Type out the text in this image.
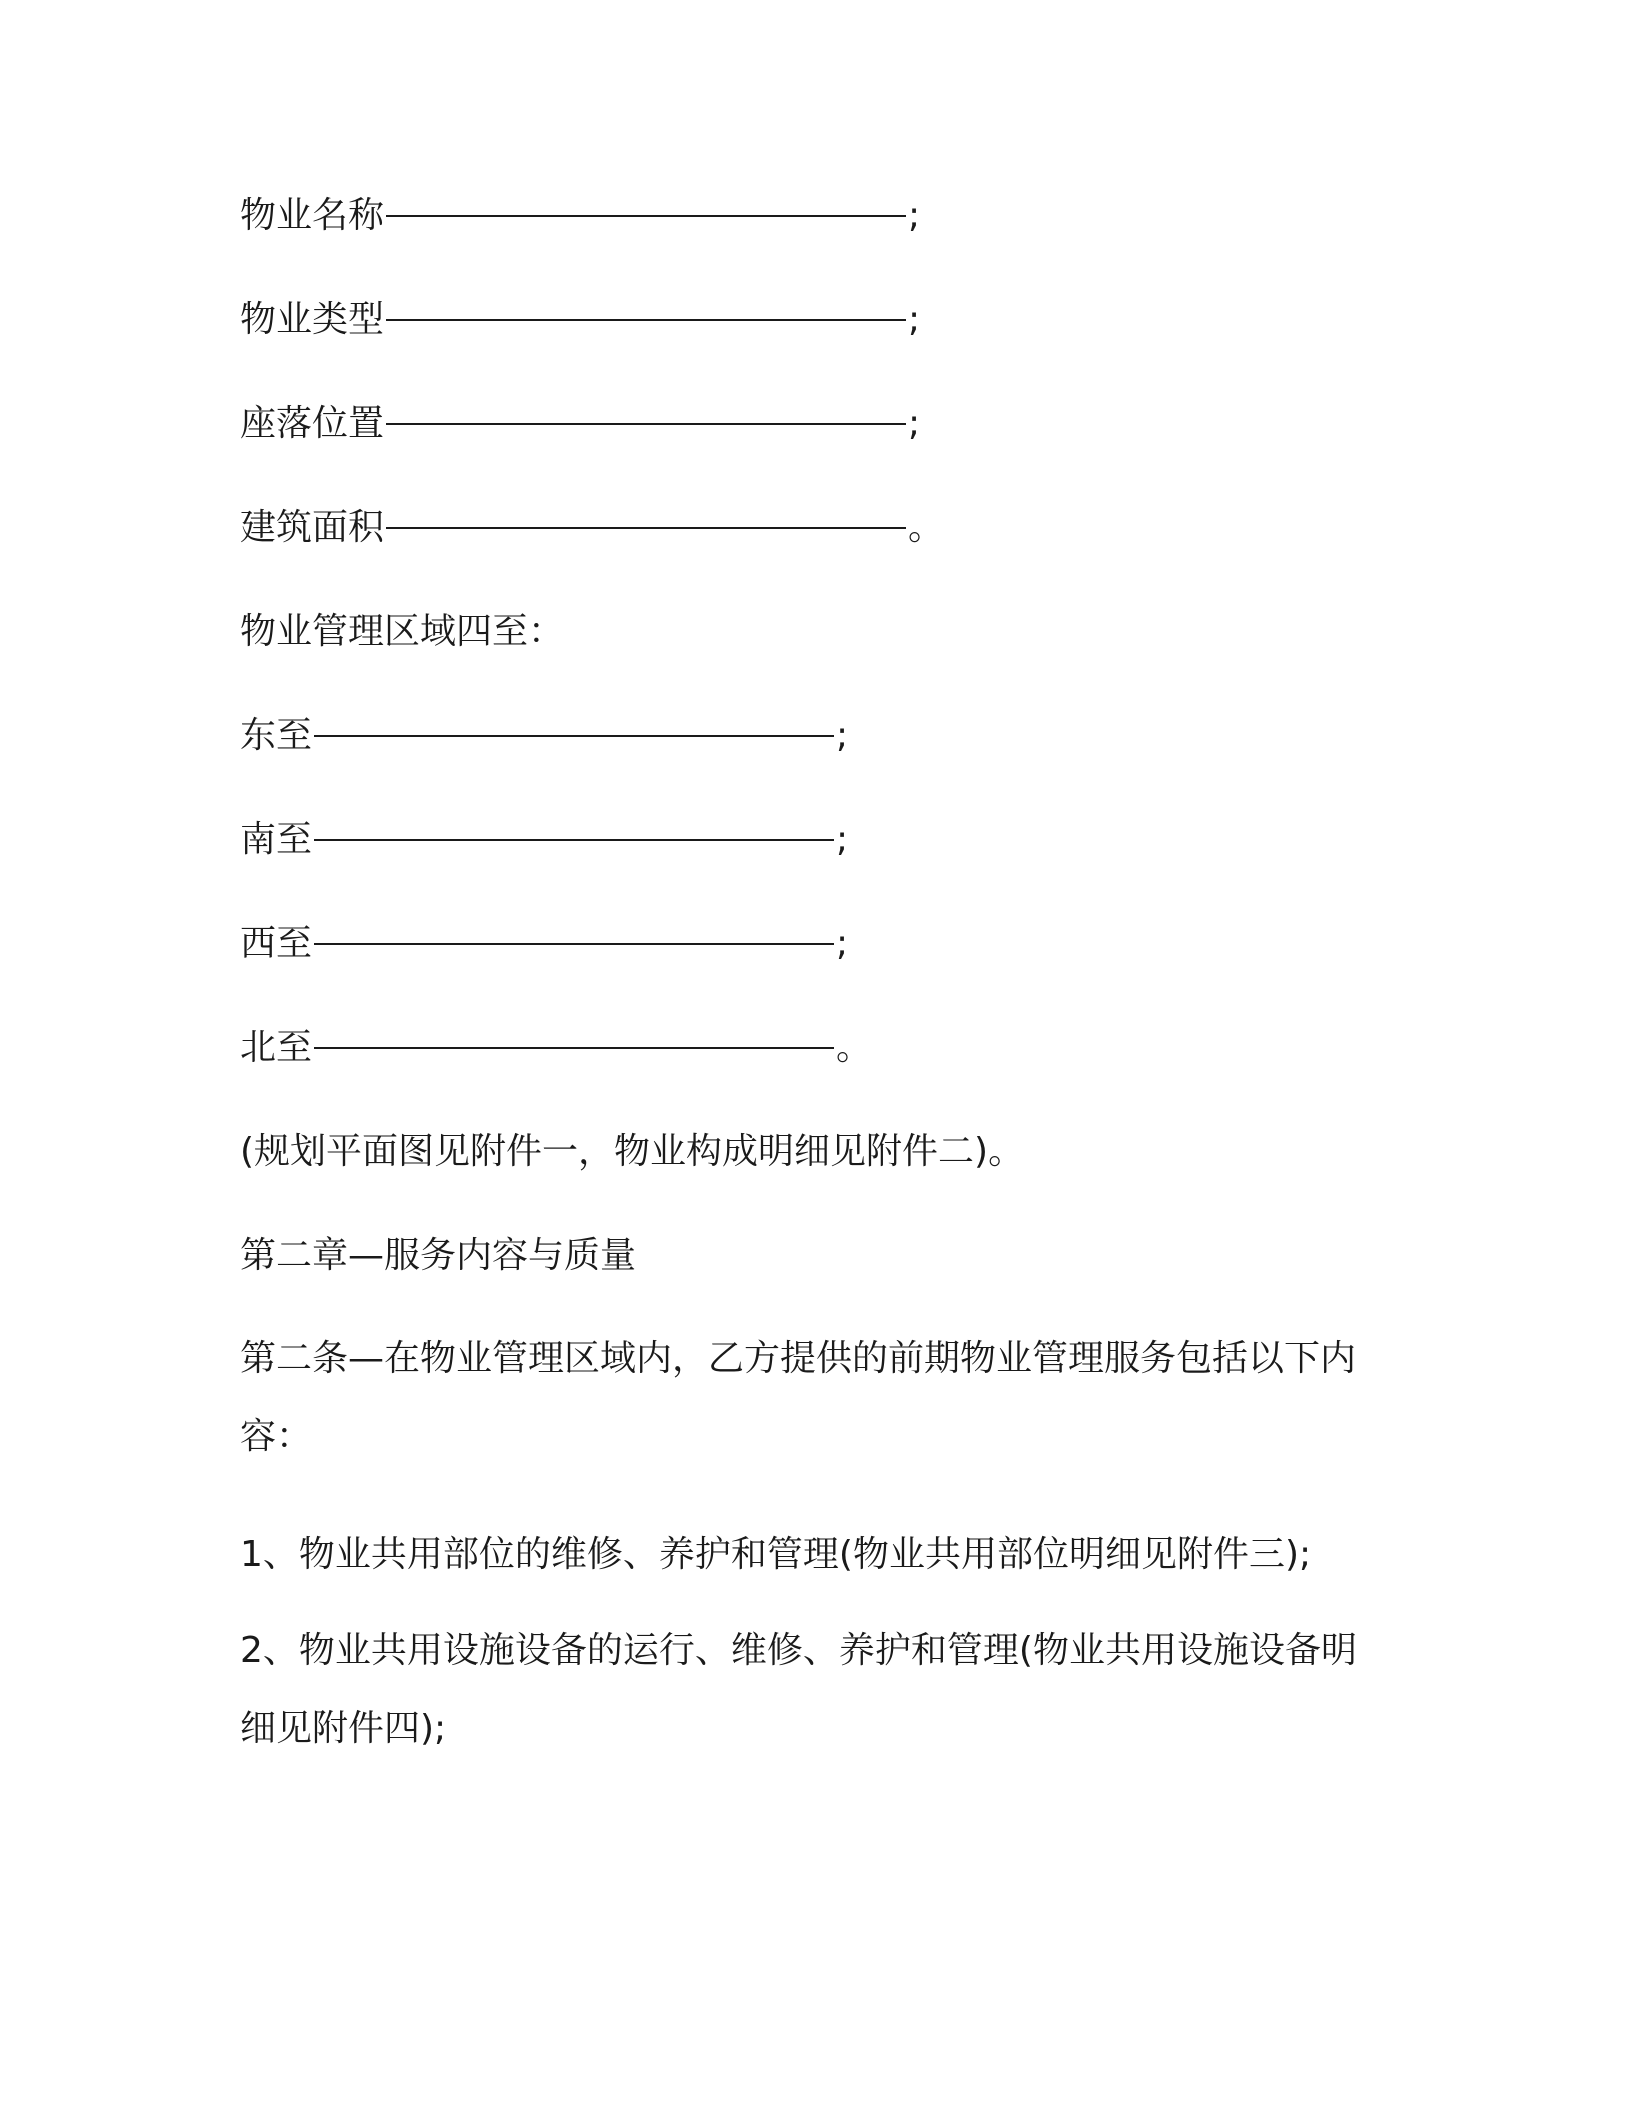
物业名称	;
物业类型	;
座落位置	;
建筑面积	。
物业管理区域四至：
东至	;
南至	;
西至	;
北至	。
(规划平面图见附件一，物业构成明细见附件二)。
第二章—服务内容与质量

第二条—在物业管理区域内，乙方提供的前期物业管理服务包括以下内容：

1、物业共用部位的维修、养护和管理(物业共用部位明细见附件三);

2、物业共用设施设备的运行、维修、养护和管理(物业共用设施设备明细见附件四);
